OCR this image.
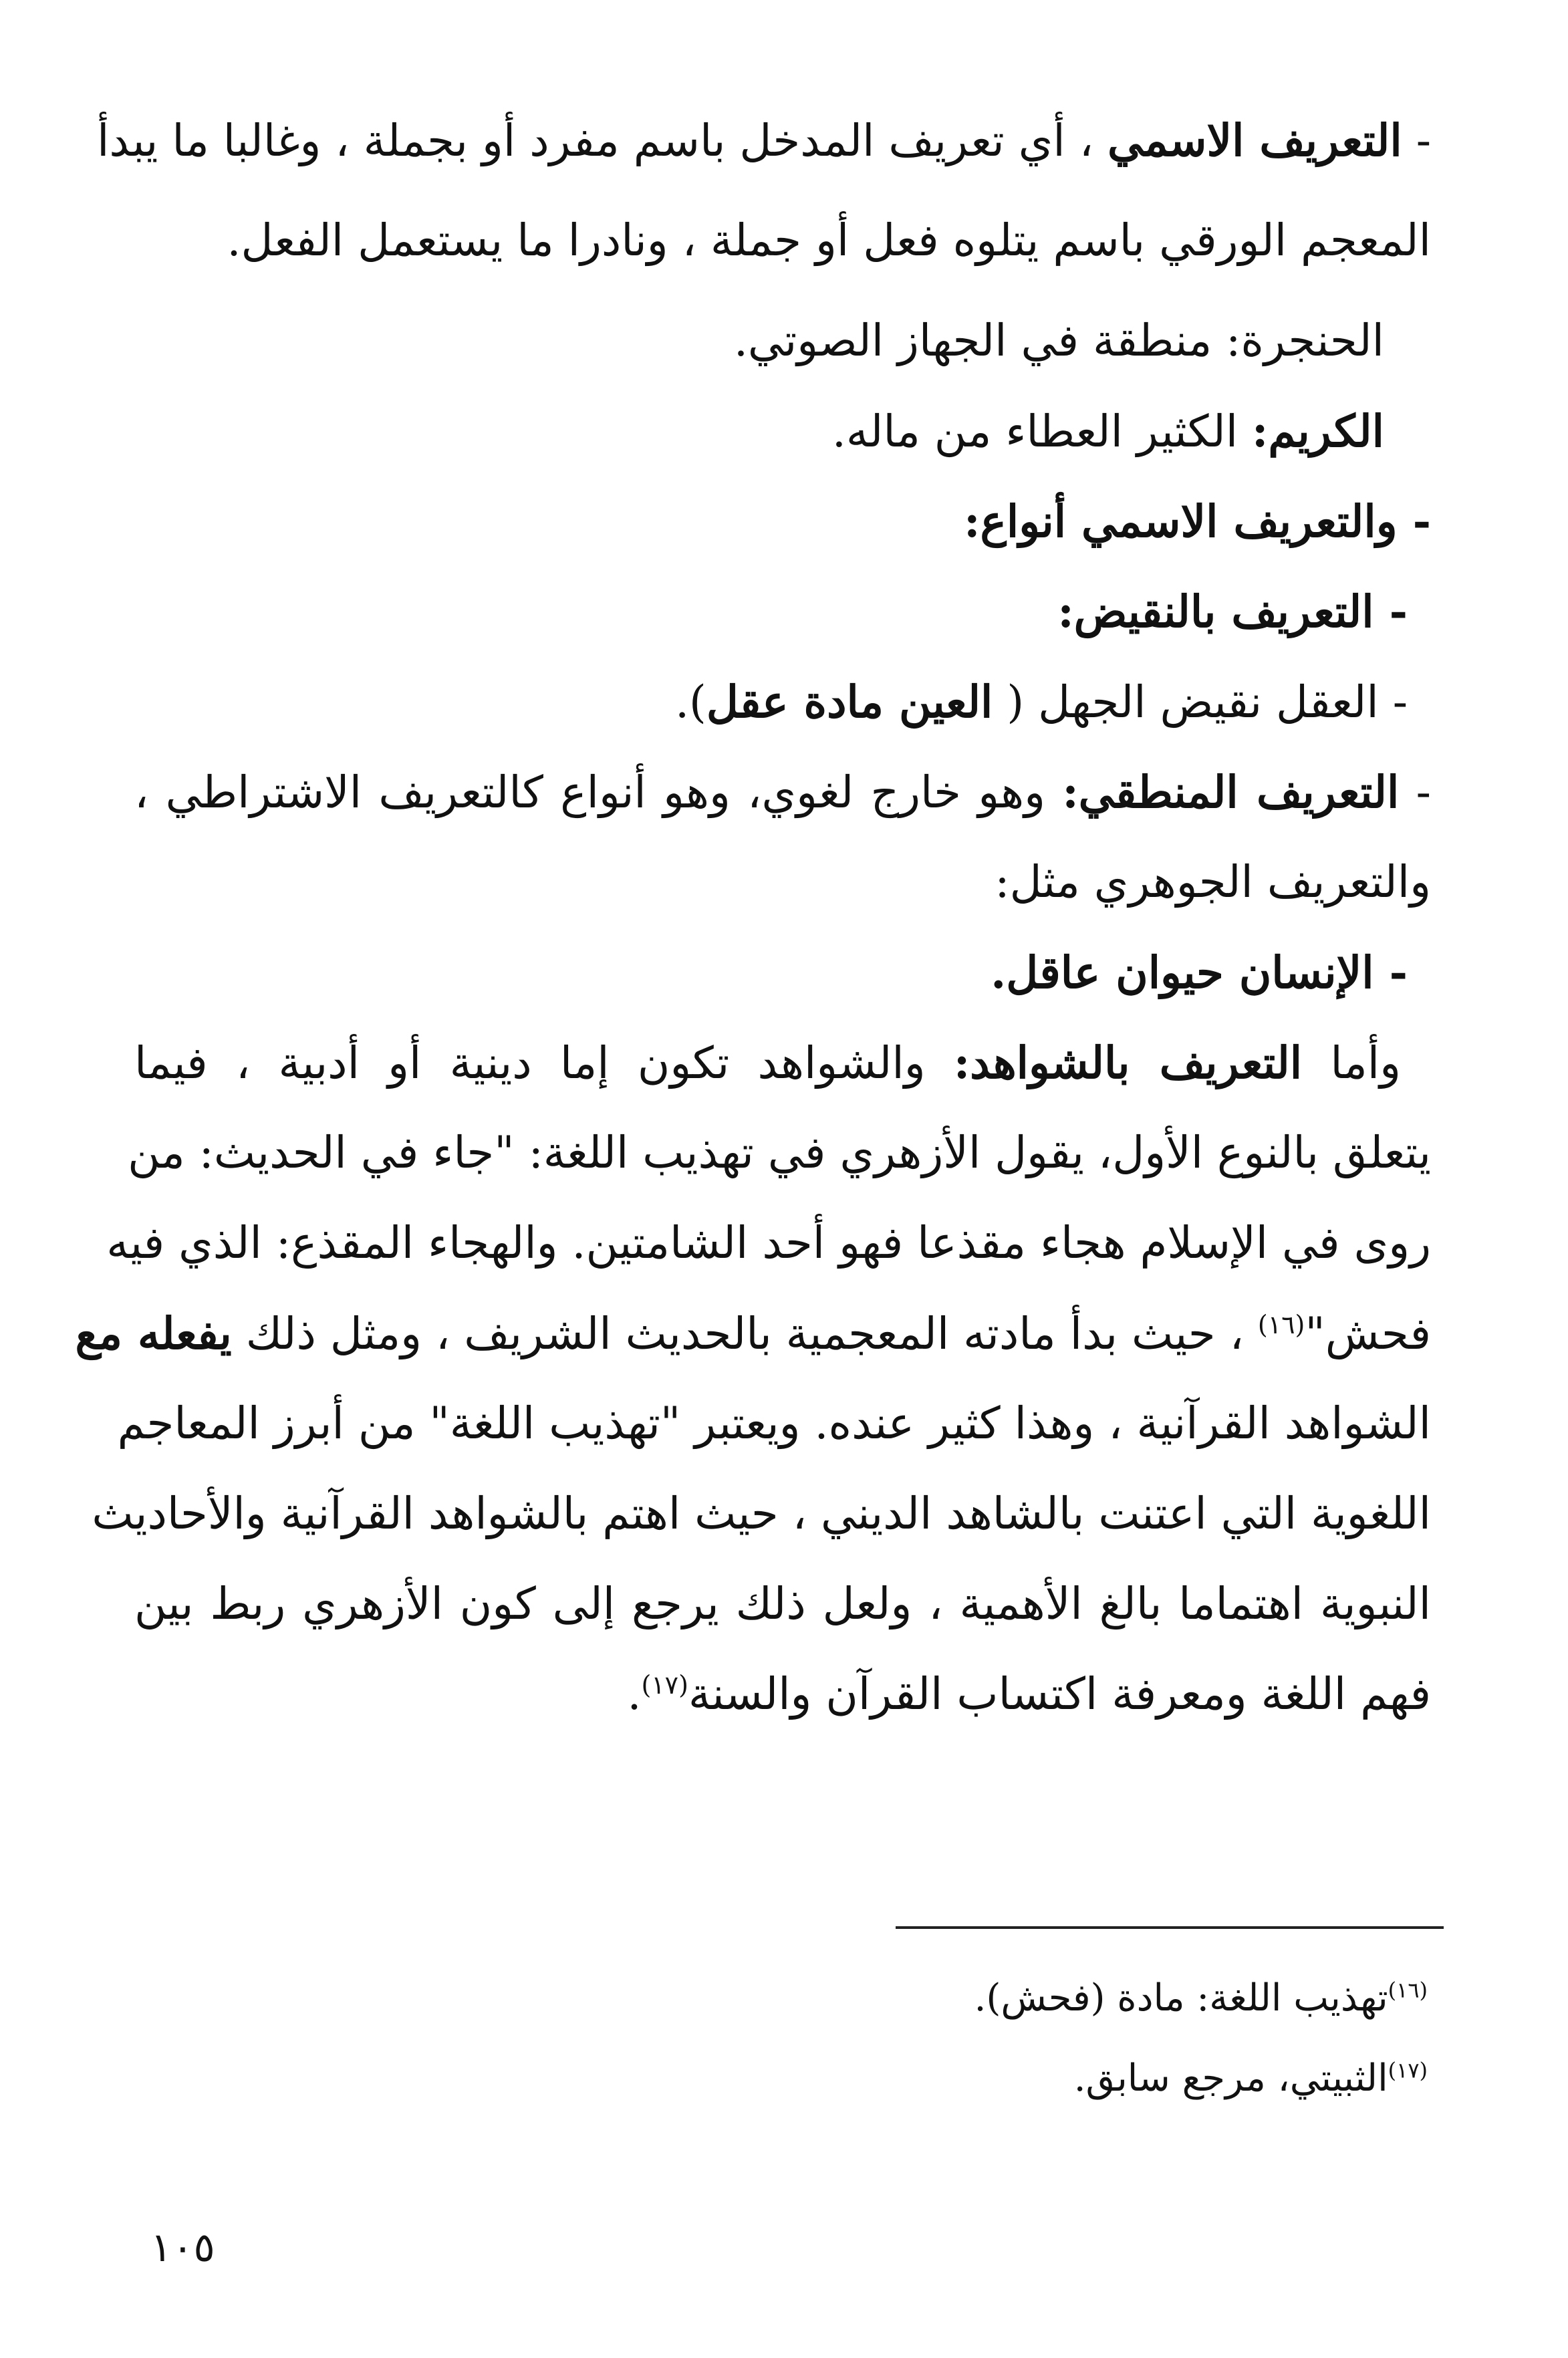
- التعريف الاسمي ، أي تعريف المدخل باسم مفرد أو بجملة ، وغالبا ما يبدأ
المعجم الورقي باسم يتلوه فعل أو جملة ، ونادرا ما يستعمل الفعل.
الحنجرة: منطقة في الجهاز الصوتي.
الكريم: الكثير العطاء من ماله.
- والتعريف الاسمي أنواع:
- التعريف بالنقيض:
- العقل نقيض الجهل ( العين مادة عقل).
- التعريف المنطقي: وهو خارج لغوي، وهو أنواع كالتعريف الاشتراطي ،
والتعريف الجوهري مثل:
- الإنسان حيوان عاقل.
وأما التعريف بالشواهد: والشواهد تكون إما دينية أو أدبية ، فيما
يتعلق بالنوع الأول، يقول الأزهري في تهذيب اللغة: "جاء في الحديث: من
روى في الإسلام هجاء مقذعا فهو أحد الشامتين. والهجاء المقذع: الذي فيه
فحش"$^{(١٦)}$ ، حيث بدأ مادته المعجمية بالحديث الشريف ، ومثل ذلك يفعله مع
الشواهد القرآنية ، وهذا كثير عنده. ويعتبر "تهذيب اللغة" من أبرز المعاجم
اللغوية التي اعتنت بالشاهد الديني ، حيث اهتم بالشواهد القرآنية والأحاديث
النبوية اهتماما بالغ الأهمية ، ولعل ذلك يرجع إلى كون الأزهري ربط بين
فهم اللغة ومعرفة اكتساب القرآن والسنة$^{(١٧)}$.
$^{(١٦)}$تهذيب اللغة: مادة (فحش).
$^{(١٧)}$الثبيتي، مرجع سابق.
١٠٥
